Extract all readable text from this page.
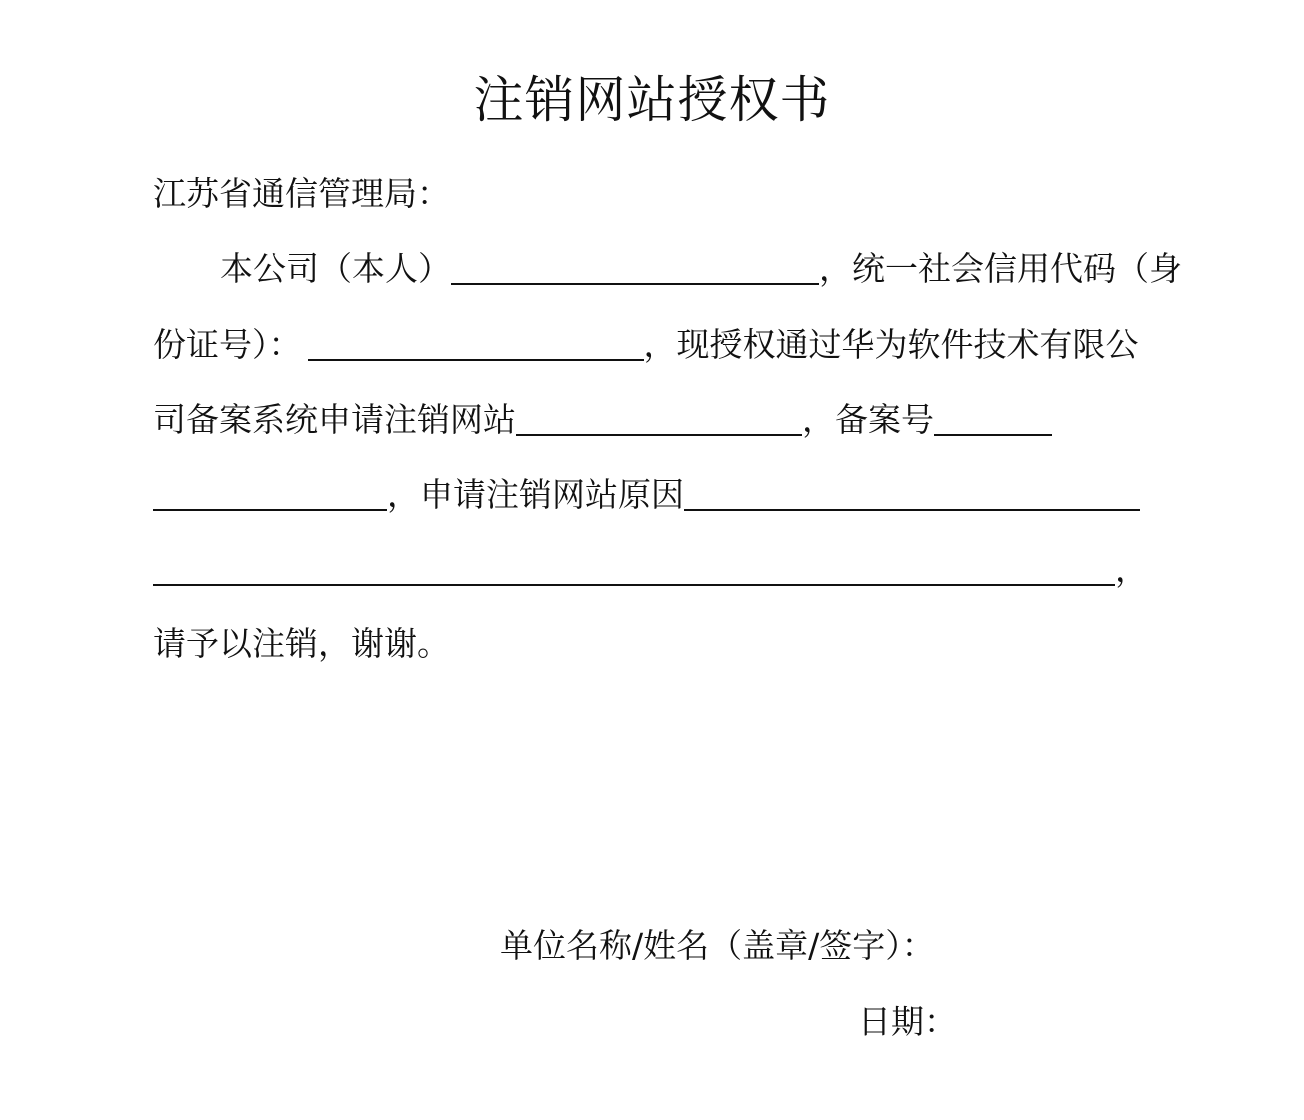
注销网站授权书
江苏省通信管理局：
本公司（本人）	，统一社会信用代码（身
份证号）：	，现授权通过华为软件技术有限公
司备案系统申请注销网站	，备案号
，申请注销网站原因
，
请予以注销，谢谢。
单位名称/姓名（盖章/签字）：
日期：
